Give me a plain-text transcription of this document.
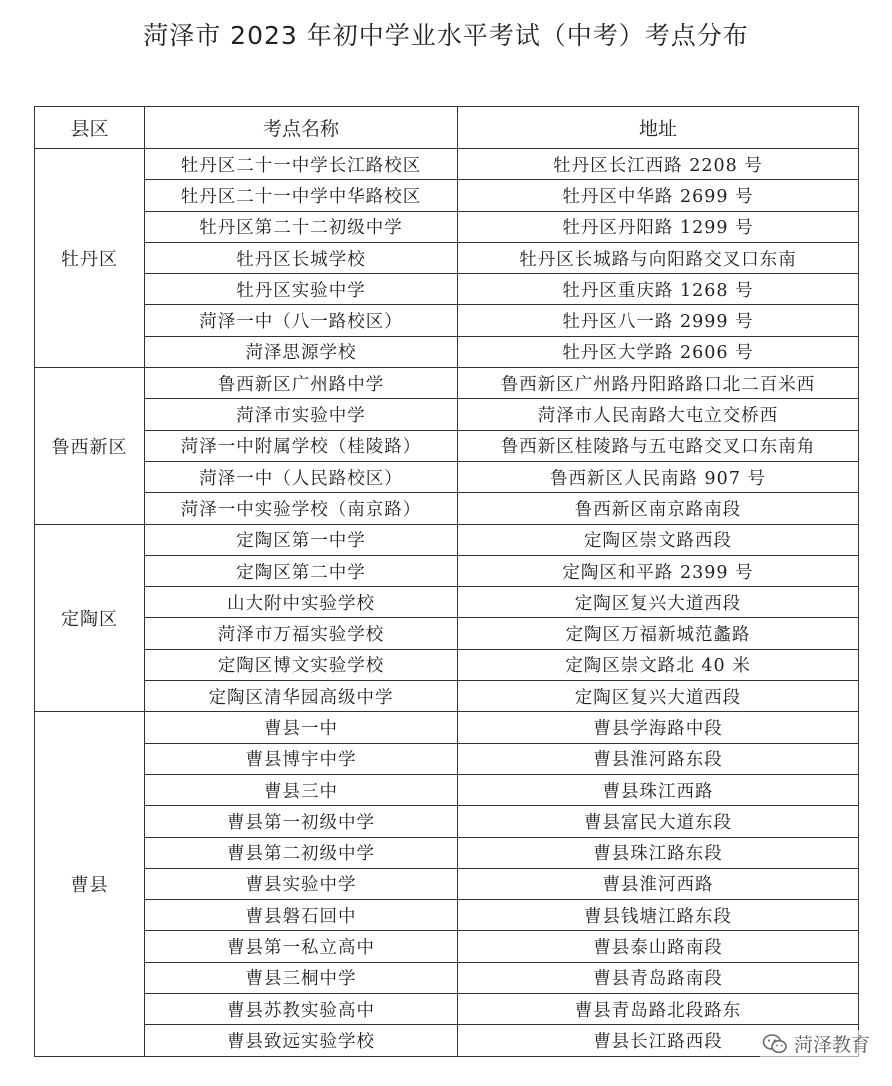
菏泽市 2023 年初中学业水平考试（中考）考点分布
县区	考点名称	地址
牡丹区	牡丹区二十一中学长江路校区	牡丹区长江西路 2208 号
	牡丹区二十一中学中华路校区	牡丹区中华路 2699 号
	牡丹区第二十二初级中学	牡丹区丹阳路 1299 号
	牡丹区长城学校	牡丹区长城路与向阳路交叉口东南
	牡丹区实验中学	牡丹区重庆路 1268 号
	菏泽一中（八一路校区）	牡丹区八一路 2999 号
	菏泽思源学校	牡丹区大学路 2606 号
鲁西新区	鲁西新区广州路中学	鲁西新区广州路丹阳路路口北二百米西
	菏泽市实验中学	菏泽市人民南路大屯立交桥西
	菏泽一中附属学校（桂陵路）	鲁西新区桂陵路与五屯路交叉口东南角
	菏泽一中（人民路校区）	鲁西新区人民南路 907 号
	菏泽一中实验学校（南京路）	鲁西新区南京路南段
定陶区	定陶区第一中学	定陶区崇文路西段
	定陶区第二中学	定陶区和平路 2399 号
	山大附中实验学校	定陶区复兴大道西段
	菏泽市万福实验学校	定陶区万福新城范蠡路
	定陶区博文实验学校	定陶区崇文路北 40 米
	定陶区清华园高级中学	定陶区复兴大道西段
曹县	曹县一中	曹县学海路中段
	曹县博宇中学	曹县淮河路东段
	曹县三中	曹县珠江西路
	曹县第一初级中学	曹县富民大道东段
	曹县第二初级中学	曹县珠江路东段
	曹县实验中学	曹县淮河西路
	曹县磐石回中	曹县钱塘江路东段
	曹县第一私立高中	曹县泰山路南段
	曹县三桐中学	曹县青岛路南段
	曹县苏教实验高中	曹县青岛路北段路东
	曹县致远实验学校	曹县长江路西段	菏泽教育
